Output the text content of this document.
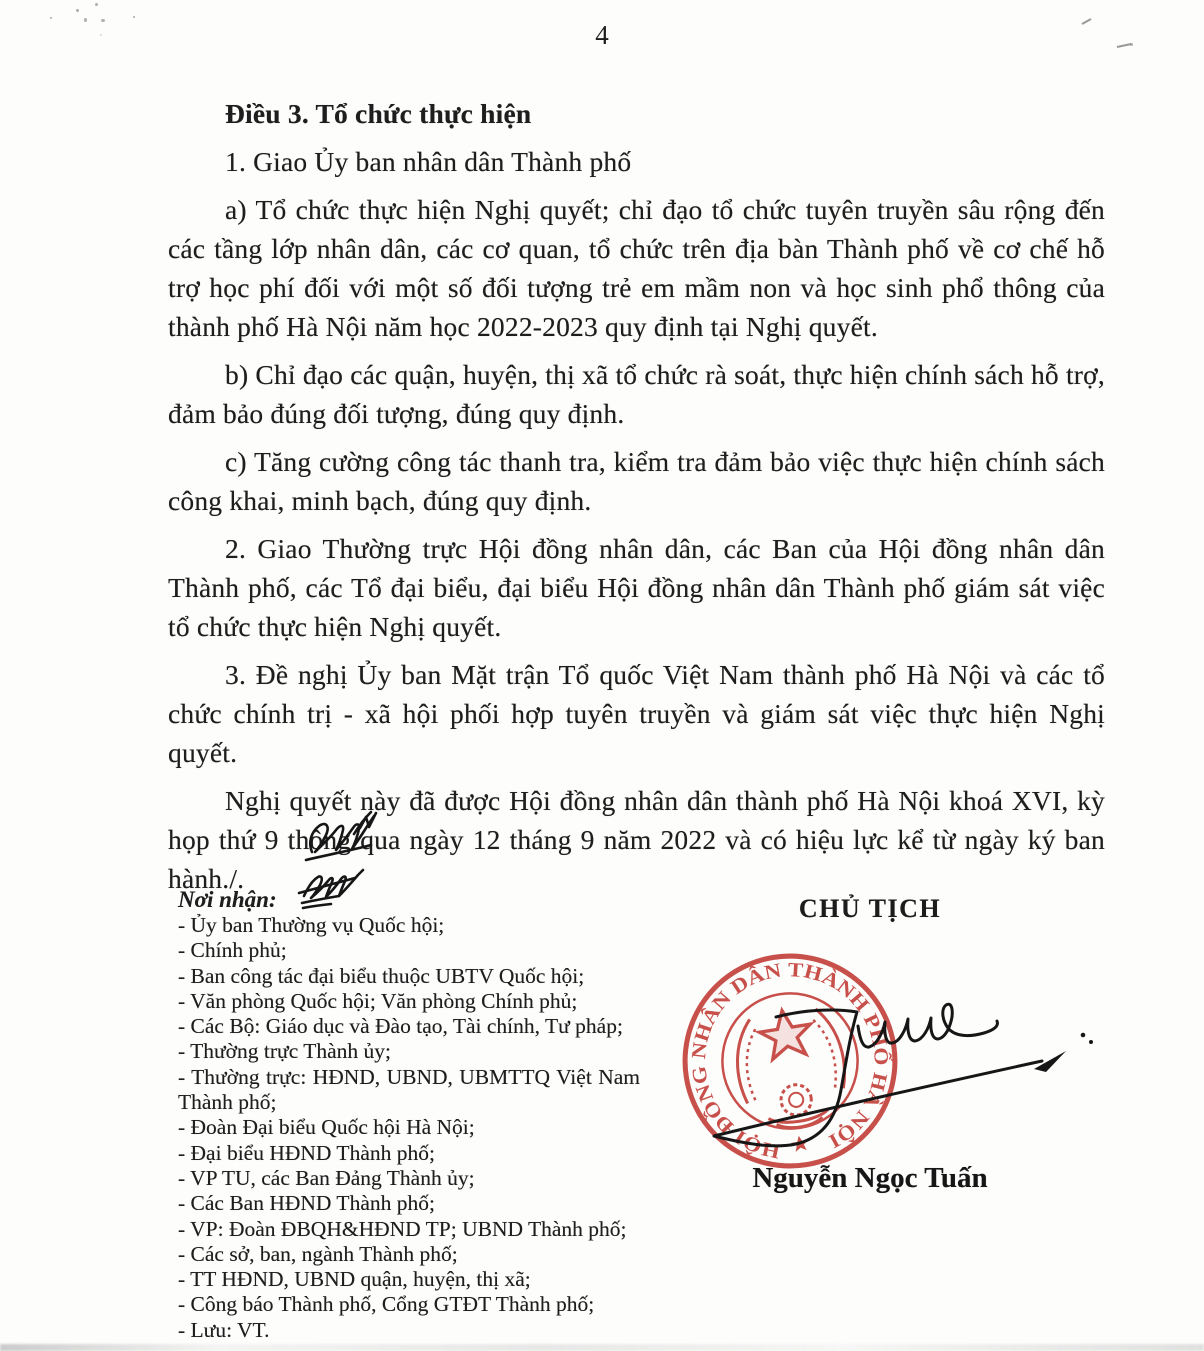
4

Điều 3. Tổ chức thực hiện

1. Giao Ủy ban nhân dân Thành phố

a) Tổ chức thực hiện Nghị quyết; chỉ đạo tổ chức tuyên truyền sâu rộng đến các tầng lớp nhân dân, các cơ quan, tổ chức trên địa bàn Thành phố về cơ chế hỗ trợ học phí đối với một số đối tượng trẻ em mầm non và học sinh phổ thông của thành phố Hà Nội năm học 2022-2023 quy định tại Nghị quyết.

b) Chỉ đạo các quận, huyện, thị xã tổ chức rà soát, thực hiện chính sách hỗ trợ, đảm bảo đúng đối tượng, đúng quy định.

c) Tăng cường công tác thanh tra, kiểm tra đảm bảo việc thực hiện chính sách công khai, minh bạch, đúng quy định.

2. Giao Thường trực Hội đồng nhân dân, các Ban của Hội đồng nhân dân Thành phố, các Tổ đại biểu, đại biểu Hội đồng nhân dân Thành phố giám sát việc tổ chức thực hiện Nghị quyết.

3. Đề nghị Ủy ban Mặt trận Tổ quốc Việt Nam thành phố Hà Nội và các tổ chức chính trị - xã hội phối hợp tuyên truyền và giám sát việc thực hiện Nghị quyết.

Nghị quyết này đã được Hội đồng nhân dân thành phố Hà Nội khoá XVI, kỳ họp thứ 9 thông qua ngày 12 tháng 9 năm 2022 và có hiệu lực kể từ ngày ký ban hành./.

Nơi nhận:
- Ủy ban Thường vụ Quốc hội;
- Chính phủ;
- Ban công tác đại biểu thuộc UBTV Quốc hội;
- Văn phòng Quốc hội; Văn phòng Chính phủ;
- Các Bộ: Giáo dục và Đào tạo, Tài chính, Tư pháp;
- Thường trực Thành ủy;
- Thường trực: HĐND, UBND, UBMTTQ Việt Nam Thành phố;
- Đoàn Đại biểu Quốc hội Hà Nội;
- Đại biểu HĐND Thành phố;
- VP TU, các Ban Đảng Thành ủy;
- Các Ban HĐND Thành phố;
- VP: Đoàn ĐBQH&HĐND TP; UBND Thành phố;
- Các sở, ban, ngành Thành phố;
- TT HĐND, UBND quận, huyện, thị xã;
- Công báo Thành phố, Cổng GTĐT Thành phố;
- Lưu: VT.
CHỦ TỊCH
Nguyễn Ngọc Tuấn
HỘI ĐỒNG NHÂN DÂN THÀNH PHỐ HÀ NỘI
